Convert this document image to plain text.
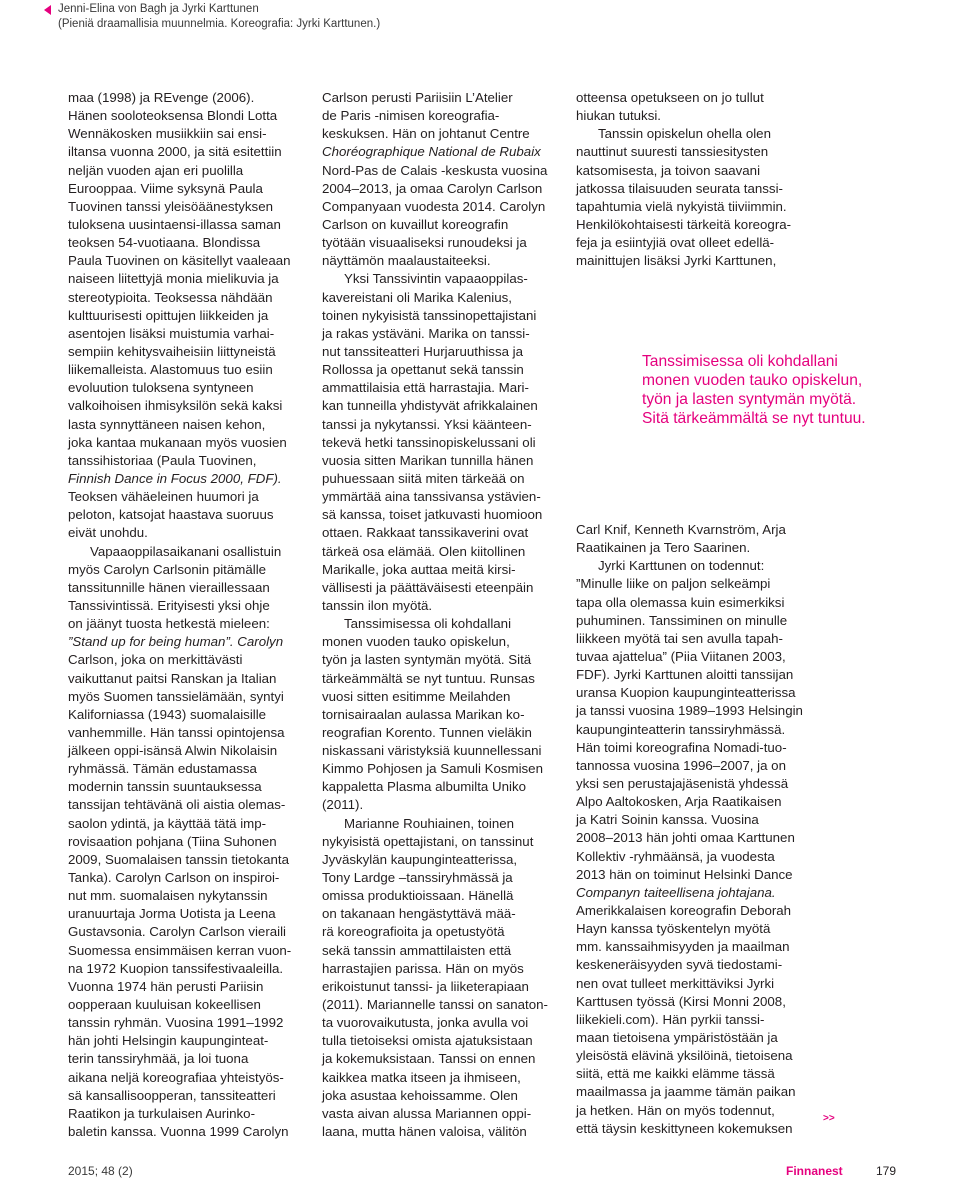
Jenni-Elina von Bagh ja Jyrki Karttunen
(Pieniä draamallisia muunnelmia. Koreografia: Jyrki Karttunen.)
maa (1998) ja REvenge (2006).
Hänen sooloteoksensa Blondi Lotta
Wennäkosken musiikkiin sai ensi-
iltansa vuonna 2000, ja sitä esitettiin
neljän vuoden ajan eri puolilla
Eurooppaa. Viime syksynä Paula
Tuovinen tanssi yleisöäänestyksen
tuloksena uusintaensi-illassa saman
teoksen 54-vuotiaana. Blondissa
Paula Tuovinen on käsitellyt vaaleaan
naiseen liitettyjä monia mielikuvia ja
stereotypioita. Teoksessa nähdään
kulttuurisesti opittujen liikkeiden ja
asentojen lisäksi muistumia varhai-
sempiin kehitysvaiheisiin liittyneistä
liikemalleista. Alastomuus tuo esiin
evoluution tuloksena syntyneen
valkoihoisen ihmisyksilön sekä kaksi
lasta synnyttäneen naisen kehon,
joka kantaa mukanaan myös vuosien
tanssihistoriaa (Paula Tuovinen,
Finnish Dance in Focus 2000, FDF).
Teoksen vähäeleinen huumori ja
peloton, katsojat haastava suoruus
eivät unohdu.
Vapaaoppilasaikanani osallistuin
myös Carolyn Carlsonin pitämälle
tanssitunnille hänen vieraillessaan
Tanssivintissä. Erityisesti yksi ohje
on jäänyt tuosta hetkestä mieleen:
”Stand up for being human”. Carolyn
Carlson, joka on merkittävästi
vaikuttanut paitsi Ranskan ja Italian
myös Suomen tanssielämään, syntyi
Kaliforniassa (1943) suomalaisille
vanhemmille. Hän tanssi opintojensa
jälkeen oppi-isänsä Alwin Nikolaisin
ryhmässä. Tämän edustamassa
modernin tanssin suuntauksessa
tanssijan tehtävänä oli aistia olemas-
saolon ydintä, ja käyttää tätä imp-
rovisaation pohjana (Tiina Suhonen
2009, Suomalaisen tanssin tietokanta
Tanka). Carolyn Carlson on inspiroi-
nut mm. suomalaisen nykytanssin
uranuurtaja Jorma Uotista ja Leena
Gustavsonia. Carolyn Carlson vieraili
Suomessa ensimmäisen kerran vuon-
na 1972 Kuopion tanssifestivaaleilla.
Vuonna 1974 hän perusti Pariisin
oopperaan kuuluisan kokeellisen
tanssin ryhmän. Vuosina 1991–1992
hän johti Helsingin kaupunginteat-
terin tanssiryhmää, ja loi tuona
aikana neljä koreografiaa yhteistyös-
sä kansallisoopperan, tanssiteatteri
Raatikon ja turkulaisen Aurinko-
baletin kanssa. Vuonna 1999 Carolyn
Carlson perusti Pariisiin L’Atelier
de Paris -nimisen koreografia-
keskuksen. Hän on johtanut Centre
Choréographique National de Rubaix
Nord-Pas de Calais -keskusta vuosina
2004–2013, ja omaa Carolyn Carlson
Companyaan vuodesta 2014. Carolyn
Carlson on kuvaillut koreografin
työtään visuaaliseksi runoudeksi ja
näyttämön maalaustaiteeksi.
Yksi Tanssivintin vapaaoppilas-
kavereistani oli Marika Kalenius,
toinen nykyisistä tanssinopettajistani
ja rakas ystäväni. Marika on tanssi-
nut tanssiteatteri Hurjaruuthissa ja
Rollossa ja opettanut sekä tanssin
ammattilaisia että harrastajia. Mari-
kan tunneilla yhdistyvät afrikkalainen
tanssi ja nykytanssi. Yksi käänteen-
tekevä hetki tanssinopiskelussani oli
vuosia sitten Marikan tunnilla hänen
puhuessaan siitä miten tärkeää on
ymmärtää aina tanssivansa ystävien-
sä kanssa, toiset jatkuvasti huomioon
ottaen. Rakkaat tanssikaverini ovat
tärkeä osa elämää. Olen kiitollinen
Marikalle, joka auttaa meitä kirsi-
vällisesti ja päättäväisesti eteenpäin
tanssin ilon myötä.
Tanssimisessa oli kohdallani
monen vuoden tauko opiskelun,
työn ja lasten syntymän myötä. Sitä
tärkeämmältä se nyt tuntuu. Runsas
vuosi sitten esitimme Meilahden
tornisairaalan aulassa Marikan ko-
reografian Korento. Tunnen vieläkin
niskassani väristyksiä kuunnellessani
Kimmo Pohjosen ja Samuli Kosmisen
kappaletta Plasma albumilta Uniko
(2011).
Marianne Rouhiainen, toinen
nykyisistä opettajistani, on tanssinut
Jyväskylän kaupunginteatterissa,
Tony Lardge –tanssiryhmässä ja
omissa produktioissaan. Hänellä
on takanaan hengästyttävä mää-
rä koreografioita ja opetustyötä
sekä tanssin ammattilaisten että
harrastajien parissa. Hän on myös
erikoistunut tanssi- ja liiketerapiaan
(2011). Mariannelle tanssi on sanaton-
ta vuorovaikutusta, jonka avulla voi
tulla tietoiseksi omista ajatuksistaan
ja kokemuksistaan. Tanssi on ennen
kaikkea matka itseen ja ihmiseen,
joka asustaa kehoissamme. Olen
vasta aivan alussa Mariannen oppi-
laana, mutta hänen valoisa, välitön
otteensa opetukseen on jo tullut
hiukan tutuksi.
Tanssin opiskelun ohella olen
nauttinut suuresti tanssiesitysten
katsomisesta, ja toivon saavani
jatkossa tilaisuuden seurata tanssi-
tapahtumia vielä nykyistä tiiviimmin.
Henkilökohtaisesti tärkeitä koreogra-
feja ja esiintyjiä ovat olleet edellä-
mainittujen lisäksi Jyrki Karttunen,
Tanssimisessa oli kohdallani
monen vuoden tauko opiskelun,
työn ja lasten syntymän myötä.
Sitä tärkeämmältä se nyt tuntuu.
Carl Knif, Kenneth Kvarnström, Arja
Raatikainen ja Tero Saarinen.
Jyrki Karttunen on todennut:
”Minulle liike on paljon selkeämpi
tapa olla olemassa kuin esimerkiksi
puhuminen. Tanssiminen on minulle
liikkeen myötä tai sen avulla tapah-
tuvaa ajattelua” (Piia Viitanen 2003,
FDF). Jyrki Karttunen aloitti tanssijan
uransa Kuopion kaupunginteatterissa
ja tanssi vuosina 1989–1993 Helsingin
kaupunginteatterin tanssiryhmässä.
Hän toimi koreografina Nomadi-tuo-
tannossa vuosina 1996–2007, ja on
yksi sen perustajajäsenistä yhdessä
Alpo Aaltokosken, Arja Raatikaisen
ja Katri Soinin kanssa. Vuosina
2008–2013 hän johti omaa Karttunen
Kollektiv -ryhmäänsä, ja vuodesta
2013 hän on toiminut Helsinki Dance
Companyn taiteellisena johtajana.
Amerikkalaisen koreografin Deborah
Hayn kanssa työskentelyn myötä
mm. kanssaihmisyyden ja maailman
keskeneräisyyden syvä tiedostami-
nen ovat tulleet merkittäviksi Jyrki
Karttusen työssä (Kirsi Monni 2008,
liikekieli.com). Hän pyrkii tanssi-
maan tietoisena ympäristöstään ja
yleisöstä elävinä yksilöinä, tietoisena
siitä, että me kaikki elämme tässä
maailmassa ja jaamme tämän paikan
ja hetken. Hän on myös todennut,
että täysin keskittyneen kokemuksen
>>
2015; 48 (2)	Finnanest	179
